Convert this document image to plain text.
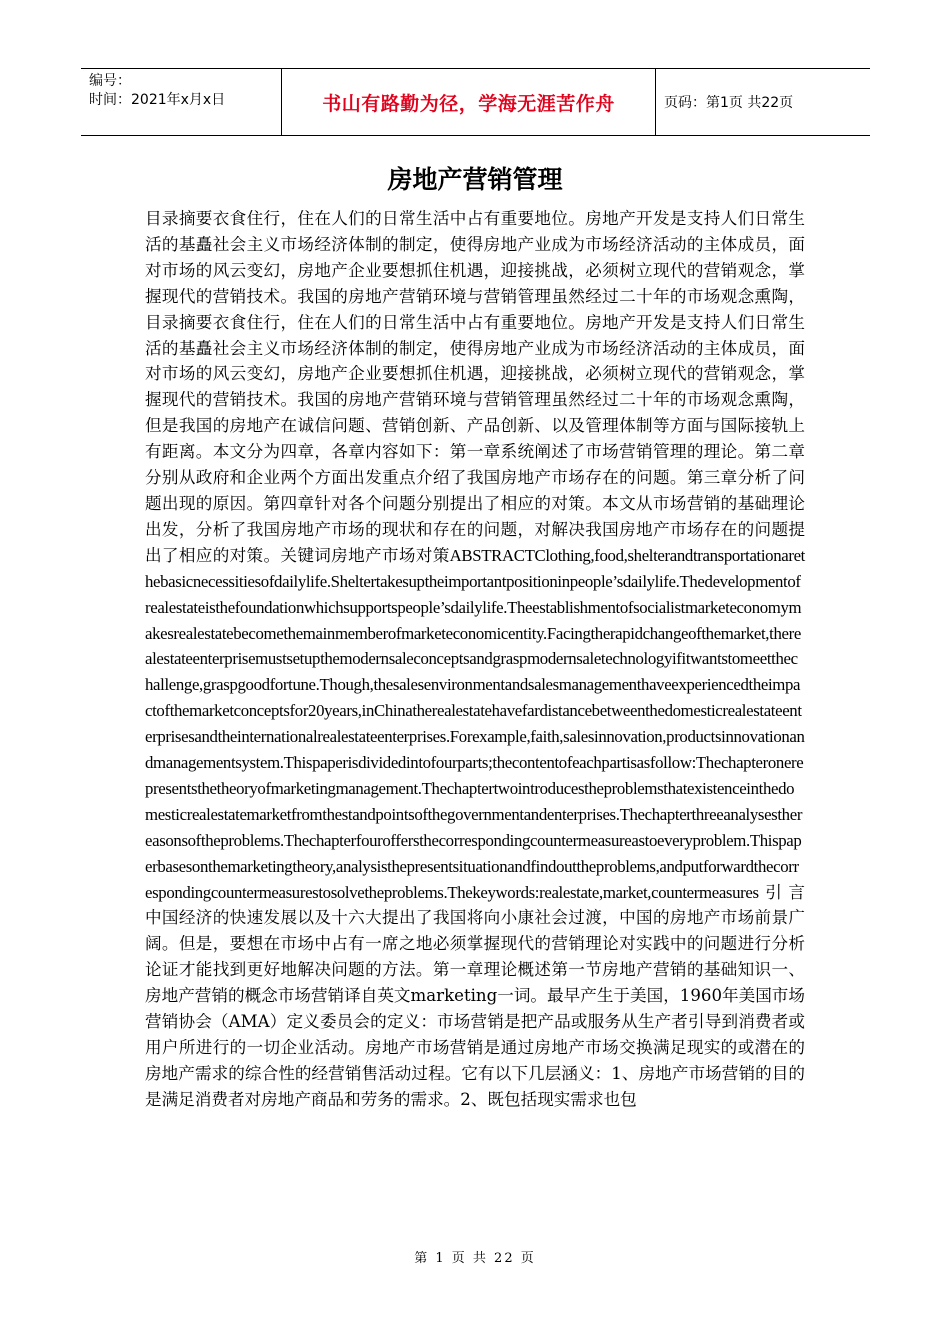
编号：
时间：2021年x月x日	书山有路勤为径，学海无涯苦作舟	页码：第1页 共22页
房地产营销管理

目录摘要衣食住行，住在人们的日常生活中占有重要地位。房地产开发是支持人们日常生活的基矗社会主义市场经济体制的制定，使得房地产业成为市场经济活动的主体成员，面对市场的风云变幻，房地产企业要想抓住机遇，迎接挑战，必须树立现代的营销观念，掌握现代的营销技术。我国的房地产营销环境与营销管理虽然经过二十年的市场观念熏陶，目录摘要衣食住行，住在人们的日常生活中占有重要地位。房地产开发是支持人们日常生活的基矗社会主义市场经济体制的制定，使得房地产业成为市场经济活动的主体成员，面对市场的风云变幻，房地产企业要想抓住机遇，迎接挑战，必须树立现代的营销观念，掌握现代的营销技术。我国的房地产营销环境与营销管理虽然经过二十年的市场观念熏陶，但是我国的房地产在诚信问题、营销创新、产品创新、以及管理体制等方面与国际接轨上有距离。本文分为四章，各章内容如下：第一章系统阐述了市场营销管理的理论。第二章分别从政府和企业两个方面出发重点介绍了我国房地产市场存在的问题。第三章分析了问题出现的原因。第四章针对各个问题分别提出了相应的对策。本文从市场营销的基础理论出发，分析了我国房地产市场的现状和存在的问题，对解决我国房地产市场存在的问题提出了相应的对策。关键词房地产市场对策ABSTRACTClothing,food,shelterandtransportationarethebasicnecessitiesofdailylife.Sheltertakesuptheimportantpositioninpeople’sdailylife.Thedevelopmentofrealestateisthefoundationwhichsupportspeople’sdailylife.Theestablishmentofsocialistmarketeconomymakesrealestatebecomethemainmemberofmarketeconomicentity.Facingtherapidchangeofthemarket,therealestateenterprisemustsetupthemodernsaleconceptsandgraspmodernsaletechnologyifitwantstomeetthechallenge,graspgoodfortune.Though,thesalesenvironmentandsalesmanagementhaveexperiencedtheimpactofthemarketconceptsfor20years,inChinatherealestatehavefardistancebetweenthedomesticrealestateenterprisesandtheinternationalrealestateenterprises.Forexample,faith,salesinnovation,productsinnovationandmanagementsystem.Thispaperisdividedintofourparts;thecontentofeachpartisasfollow:Thechapteronerepresentsthetheoryofmarketingmanagement.Thechaptertwointroducestheproblemsthatexistenceinthedomesticrealestatemarketfromthestandpointsofthegovernmentandenterprises.Thechapterthreeanalysesthereasonsoftheproblems.Thechapterfouroffersthecorrespondingcountermeasureastoeveryproblem.Thispaperbasesonthemarketingtheory,analysisthepresentsituationandfindouttheproblems,andputforwardthecorrespondingcountermeasurestosolvetheproblems.Thekeywords:realestate,market,countermeasures引言中国经济的快速发展以及十六大提出了我国将向小康社会过渡，中国的房地产市场前景广阔。但是，要想在市场中占有一席之地必须掌握现代的营销理论对实践中的问题进行分析论证才能找到更好地解决问题的方法。第一章理论概述第一节房地产营销的基础知识一、房地产营销的概念市场营销译自英文marketing一词。最早产生于美国，1960年美国市场营销协会（AMA）定义委员会的定义：市场营销是把产品或服务从生产者引导到消费者或用户所进行的一切企业活动。房地产市场营销是通过房地产市场交换满足现实的或潜在的房地产需求的综合性的经营销售活动过程。它有以下几层涵义：1、房地产市场营销的目的是满足消费者对房地产商品和劳务的需求。2、既包括现实需求也包

第 1 页 共 22 页
